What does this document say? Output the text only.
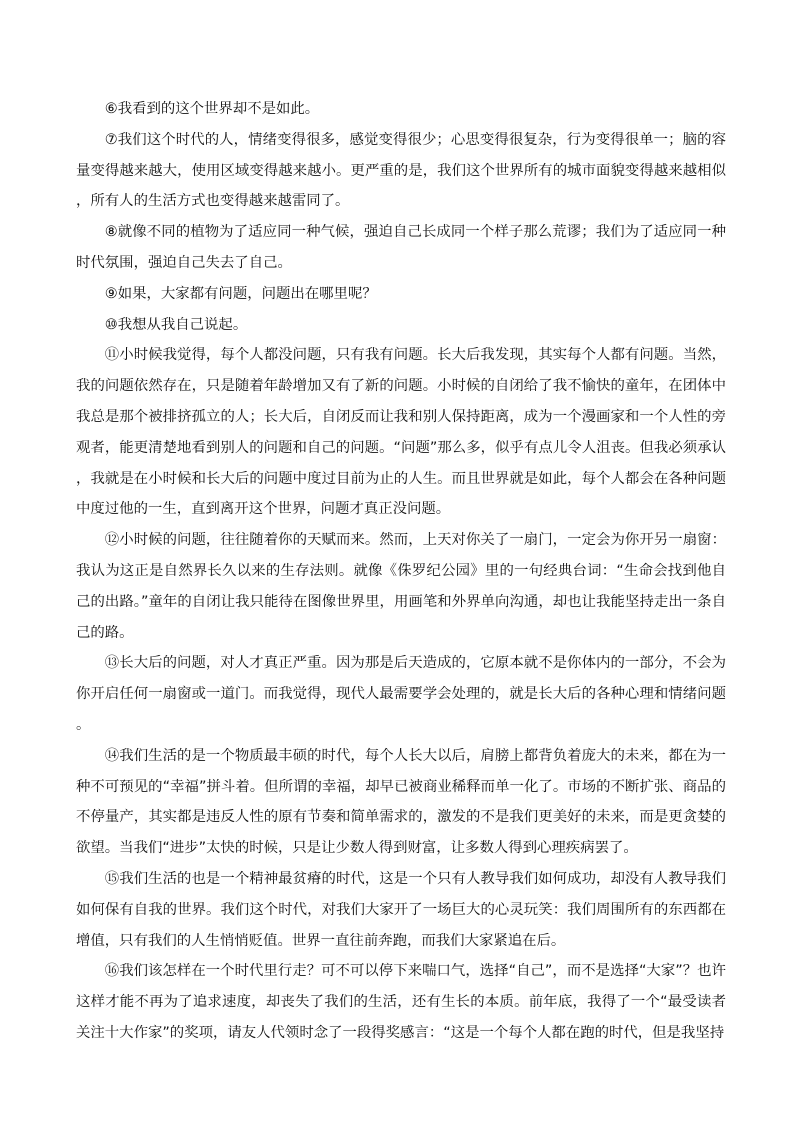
⑥我看到的这个世界却不是如此。

⑦我们这个时代的人，情绪变得很多，感觉变得很少；心思变得很复杂，行为变得很单一；脑的容量变得越来越大，使用区域变得越来越小。更严重的是，我们这个世界所有的城市面貌变得越来越相似，所有人的生活方式也变得越来越雷同了。

⑧就像不同的植物为了适应同一种气候，强迫自己长成同一个样子那么荒谬；我们为了适应同一种时代氛围，强迫自己失去了自己。

⑨如果，大家都有问题，问题出在哪里呢？

⑩我想从我自己说起。

⑪小时候我觉得，每个人都没问题，只有我有问题。长大后我发现，其实每个人都有问题。当然，我的问题依然存在，只是随着年龄增加又有了新的问题。小时候的自闭给了我不愉快的童年，在团体中我总是那个被排挤孤立的人；长大后，自闭反而让我和别人保持距离，成为一个漫画家和一个人性的旁观者，能更清楚地看到别人的问题和自己的问题。“问题”那么多，似乎有点儿令人沮丧。但我必须承认，我就是在小时候和长大后的问题中度过目前为止的人生。而且世界就是如此，每个人都会在各种问题中度过他的一生，直到离开这个世界，问题才真正没问题。

⑫小时候的问题，往往随着你的天赋而来。然而，上天对你关了一扇门，一定会为你开另一扇窗：我认为这正是自然界长久以来的生存法则。就像《侏罗纪公园》里的一句经典台词：“生命会找到他自己的出路。”童年的自闭让我只能待在图像世界里，用画笔和外界单向沟通，却也让我能坚持走出一条自己的路。

⑬长大后的问题，对人才真正严重。因为那是后天造成的，它原本就不是你体内的一部分，不会为你开启任何一扇窗或一道门。而我觉得，现代人最需要学会处理的，就是长大后的各种心理和情绪问题。

⑭我们生活的是一个物质最丰硕的时代，每个人长大以后，肩膀上都背负着庞大的未来，都在为一种不可预见的“幸福”拼斗着。但所谓的幸福，却早已被商业稀释而单一化了。市场的不断扩张、商品的不停量产，其实都是违反人性的原有节奏和简单需求的，激发的不是我们更美好的未来，而是更贪婪的欲望。当我们“进步”太快的时候，只是让少数人得到财富，让多数人得到心理疾病罢了。

⑮我们生活的也是一个精神最贫瘠的时代，这是一个只有人教导我们如何成功，却没有人教导我们如何保有自我的世界。我们这个时代，对我们大家开了一场巨大的心灵玩笑：我们周围所有的东西都在增值，只有我们的人生悄悄贬值。世界一直往前奔跑，而我们大家紧追在后。

⑯我们该怎样在一个时代里行走？可不可以停下来喘口气，选择“自己”，而不是选择“大家”？也许这样才能不再为了追求速度，却丧失了我们的生活，还有生长的本质。前年底，我得了一个“最受读者关注十大作家”的奖项，请友人代领时念了一段得奖感言：“这是一个每个人都在跑的时代，但是我坚持
